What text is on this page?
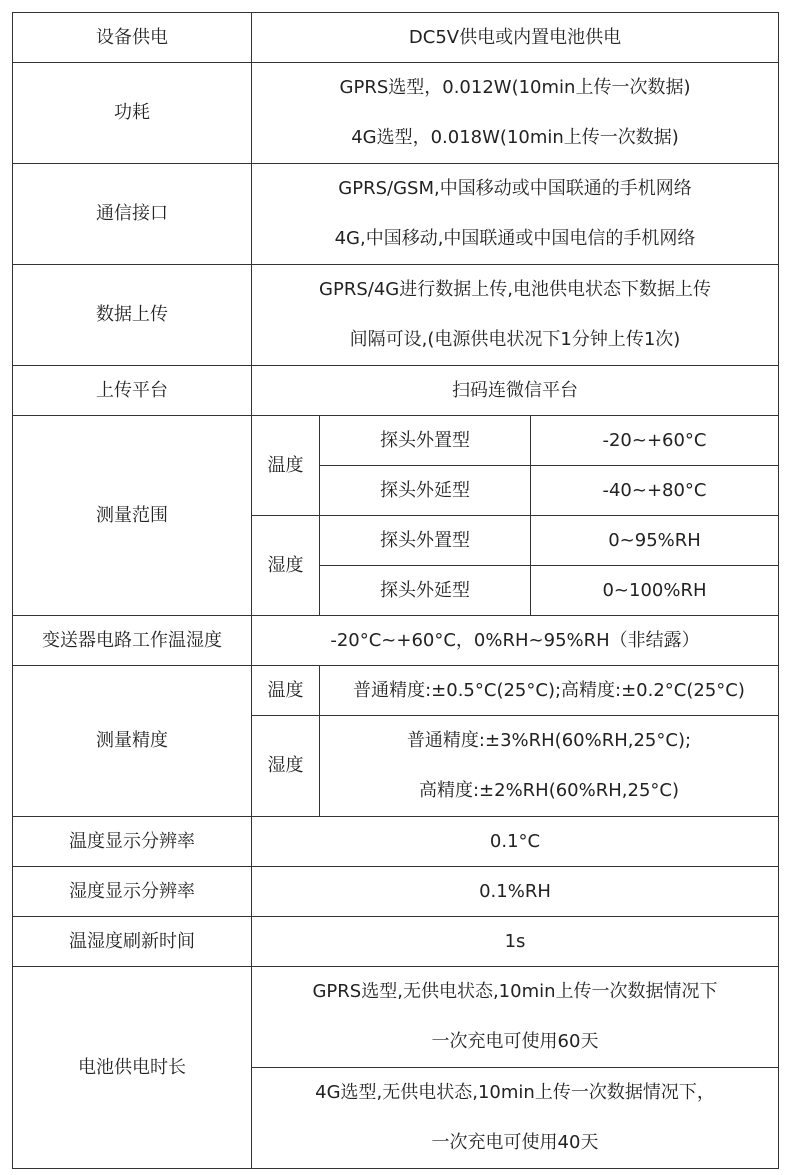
设备供电	DC5V供电或内置电池供电		
功耗	GPRS选型，0.012W(10min上传一次数据)
4G选型，0.018W(10min上传一次数据)		

通信接口	GPRS/GSM,中国移动或中国联通的手机网络
4G,中国移动,中国联通或中国电信的手机网络		

数据上传	GPRS/4G进行数据上传,电池供电状态下数据上传
间隔可设,(电源供电状况下1分钟上传1次)		

上传平台	扫码连微信平台		
测量范围	温度	探头外置型	-20~+60°C
		探头外延型	-40~+80°C
	湿度	探头外置型	0~95%RH
		探头外延型	0~100%RH
变送器电路工作温湿度	-20°C~+60°C，0%RH~95%RH（非结露）		
测量精度	温度	普通精度:±0.5°C(25°C);高精度:±0.2°C(25°C)	
	湿度	普通精度:±3%RH(60%RH,25°C);
高精度:±2%RH(60%RH,25°C)	

温度显示分辨率	0.1°C		
湿度显示分辨率	0.1%RH		
温湿度刷新时间	1s		
电池供电时长	GPRS选型,无供电状态,10min上传一次数据情况下
一次充电可使用60天		

	4G选型,无供电状态,10min上传一次数据情况下，
一次充电可使用40天		
